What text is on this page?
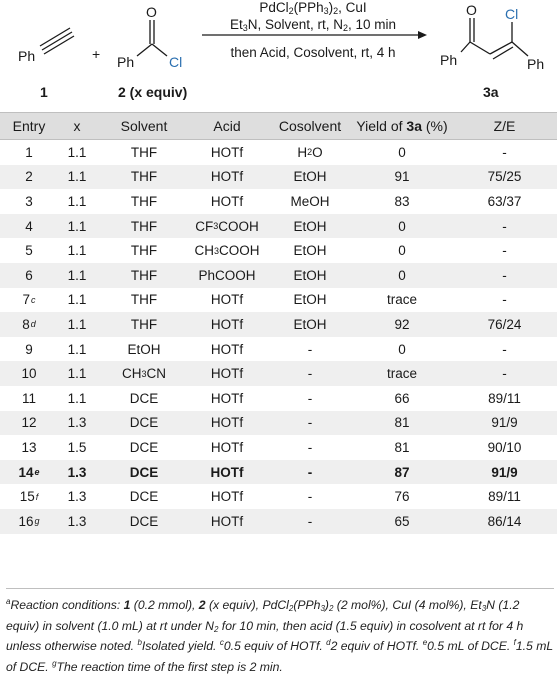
Ph
1
+
O
Ph Cl
2 (x equiv)
$PdCl_2(PPh_3)_2$, CuI
$Et_3N$, Solvent, rt, $N_2$, 10 min
then Acid, Cosolvent, rt, 4 h
O Cl
Ph	Ph
3a
Entry	x	Solvent	Acid	Cosolvent	Yield of 3a (%)	Z/E
1	1.1	THF	HOTf	H 2 O	0	-
2	1.1	THF	HOTf	EtOH	91	75/25
3	1.1	THF	HOTf	MeOH	83	63/37
4	1.1	THF	CF 3 COOH	EtOH	0	-
5	1.1	THF	CH 3 COOH	EtOH	0	-
6	1.1	THF	PhCOOH	EtOH	0	-
7 c	1.1	THF	HOTf	EtOH	trace	-
8 d	1.1	THF	HOTf	EtOH	92	76/24
9	1.1	EtOH	HOTf	-	0	-
10	1.1	CH 3 CN	HOTf	-	trace	-
11	1.1	DCE	HOTf	-	66	89/11
12	1.3	DCE	HOTf	-	81	91/9
13	1.5	DCE	HOTf	-	81	90/10
14 e	1.3	DCE	HOTf	-	87	91/9
15 f	1.3	DCE	HOTf	-	76	89/11
16 g	1.3	DCE	HOTf	-	65	86/14
$^a$Reaction conditions: 1 (0.2 mmol), 2 (x equiv), $PdCl_2(PPh_3)_2$ (2 mol%), CuI (4 mol%), $Et_3N$ (1.2 equiv) in solvent (1.0 mL) at rt under $N_2$ for 10 min, then acid (1.5 equiv) in cosolvent at rt for 4 h unless otherwise noted. $^b$Isolated yield. $^c$0.5 equiv of HOTf. $^d$2 equiv of HOTf. $^e$0.5 mL of DCE. $^f$1.5 mL of DCE. $^g$The reaction time of the first step is 2 min.
